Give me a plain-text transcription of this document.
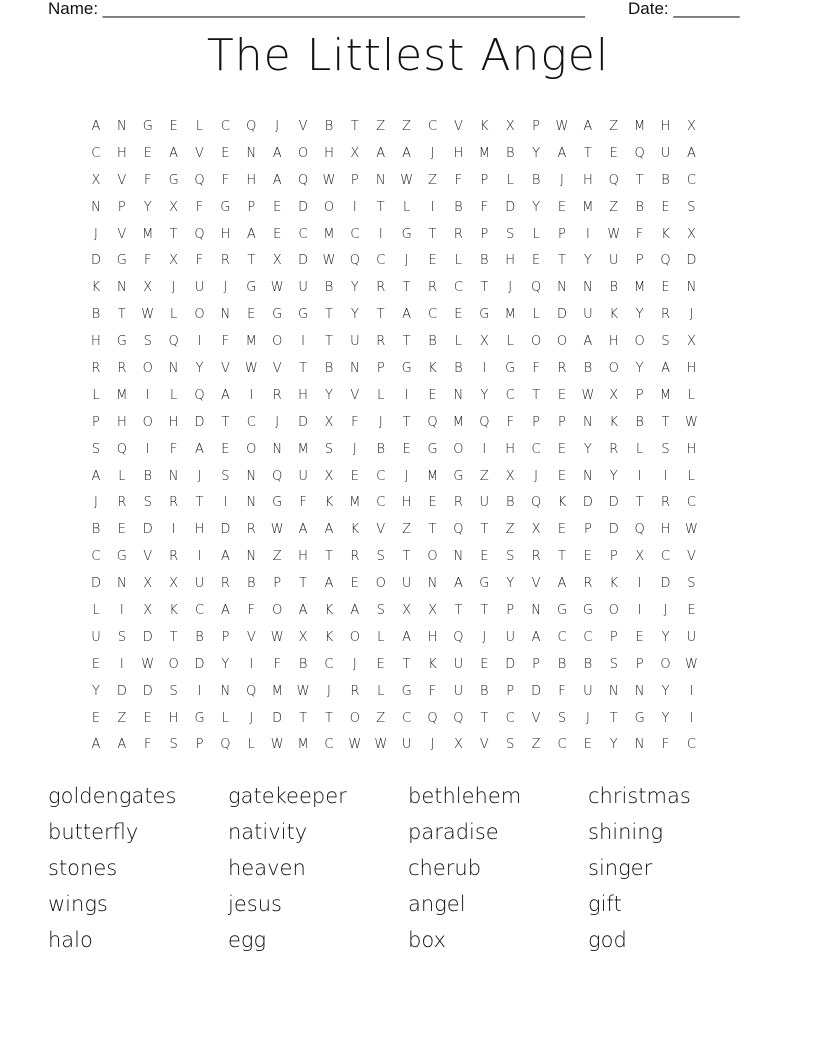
Name: ___________________________________________________	Date: _______
The Littlest Angel
A	N	G	E	L	C	Q	J	V	B	T	Z	Z	C	V	K	X	P	W	A	Z	M	H	X
C	H	E	A	V	E	N	A	O	H	X	A	A	J	H	M	B	Y	A	T	E	Q	U	A
X	V	F	G	Q	F	H	A	Q	W	P	N	W	Z	F	P	L	B	J	H	Q	T	B	C
N	P	Y	X	F	G	P	E	D	O	I	T	L	I	B	F	D	Y	E	M	Z	B	E	S
J	V	M	T	Q	H	A	E	C	M	C	I	G	T	R	P	S	L	P	I	W	F	K	X
D	G	F	X	F	R	T	X	D	W	Q	C	J	E	L	B	H	E	T	Y	U	P	Q	D
K	N	X	J	U	J	G	W	U	B	Y	R	T	R	C	T	J	Q	N	N	B	M	E	N
B	T	W	L	O	N	E	G	G	T	Y	T	A	C	E	G	M	L	D	U	K	Y	R	J
H	G	S	Q	I	F	M	O	I	T	U	R	T	B	L	X	L	O	O	A	H	O	S	X
R	R	O	N	Y	V	W	V	T	B	N	P	G	K	B	I	G	F	R	B	O	Y	A	H
L	M	I	L	Q	A	I	R	H	Y	V	L	I	E	N	Y	C	T	E	W	X	P	M	L
P	H	O	H	D	T	C	J	D	X	F	J	T	Q	M	Q	F	P	P	N	K	B	T	W
S	Q	I	F	A	E	O	N	M	S	J	B	E	G	O	I	H	C	E	Y	R	L	S	H
A	L	B	N	J	S	N	Q	U	X	E	C	J	M	G	Z	X	J	E	N	Y	I	I	L
J	R	S	R	T	I	N	G	F	K	M	C	H	E	R	U	B	Q	K	D	D	T	R	C
B	E	D	I	H	D	R	W	A	A	K	V	Z	T	Q	T	Z	X	E	P	D	Q	H	W
C	G	V	R	I	A	N	Z	H	T	R	S	T	O	N	E	S	R	T	E	P	X	C	V
D	N	X	X	U	R	B	P	T	A	E	O	U	N	A	G	Y	V	A	R	K	I	D	S
L	I	X	K	C	A	F	O	A	K	A	S	X	X	T	T	P	N	G	G	O	I	J	E
U	S	D	T	B	P	V	W	X	K	O	L	A	H	Q	J	U	A	C	C	P	E	Y	U
E	I	W	O	D	Y	I	F	B	C	J	E	T	K	U	E	D	P	B	B	S	P	O	W
Y	D	D	S	I	N	Q	M	W	J	R	L	G	F	U	B	P	D	F	U	N	N	Y	I
E	Z	E	H	G	L	J	D	T	T	O	Z	C	Q	Q	T	C	V	S	J	T	G	Y	I
A	A	F	S	P	Q	L	W	M	C	W	W	U	J	X	V	S	Z	C	E	Y	N	F	C
goldengates	gatekeeper	bethlehem	christmas
butterfly	nativity	paradise	shining
stones	heaven	cherub	singer
wings	jesus	angel	gift
halo	egg	box	god
